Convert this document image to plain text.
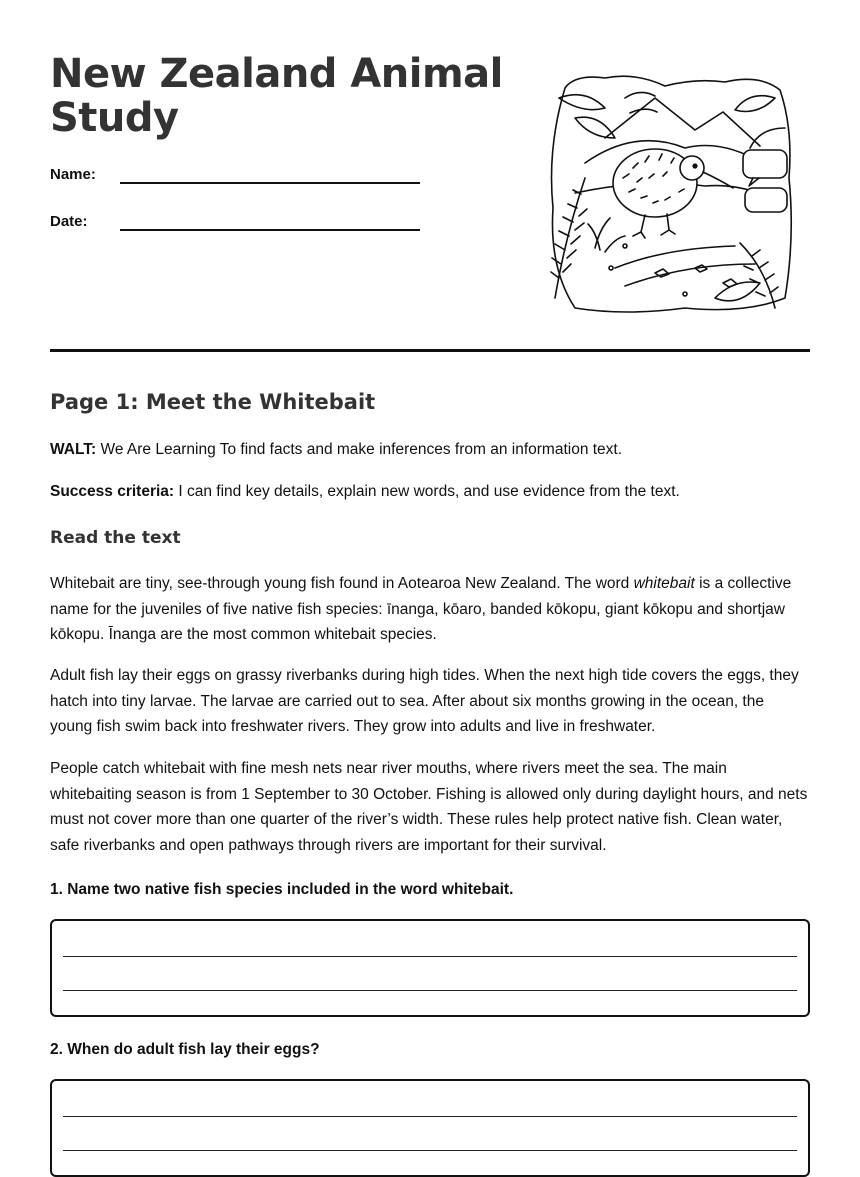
New Zealand Animal Study
Name:
Date:
Page 1: Meet the Whitebait

WALT: We Are Learning To find facts and make inferences from an information text.

Success criteria: I can find key details, explain new words, and use evidence from the text.

Read the text

Whitebait are tiny, see-through young fish found in Aotearoa New Zealand. The word whitebait is a collective name for the juveniles of five native fish species: īnanga, kōaro, banded kōkopu, giant kōkopu and shortjaw kōkopu. Īnanga are the most common whitebait species.

Adult fish lay their eggs on grassy riverbanks during high tides. When the next high tide covers the eggs, they hatch into tiny larvae. The larvae are carried out to sea. After about six months growing in the ocean, the young fish swim back into freshwater rivers. They grow into adults and live in freshwater.

People catch whitebait with fine mesh nets near river mouths, where rivers meet the sea. The main whitebaiting season is from 1 September to 30 October. Fishing is allowed only during daylight hours, and nets must not cover more than one quarter of the river’s width. These rules help protect native fish. Clean water, safe riverbanks and open pathways through rivers are important for their survival.

1. Name two native fish species included in the word whitebait.

2. When do adult fish lay their eggs?
